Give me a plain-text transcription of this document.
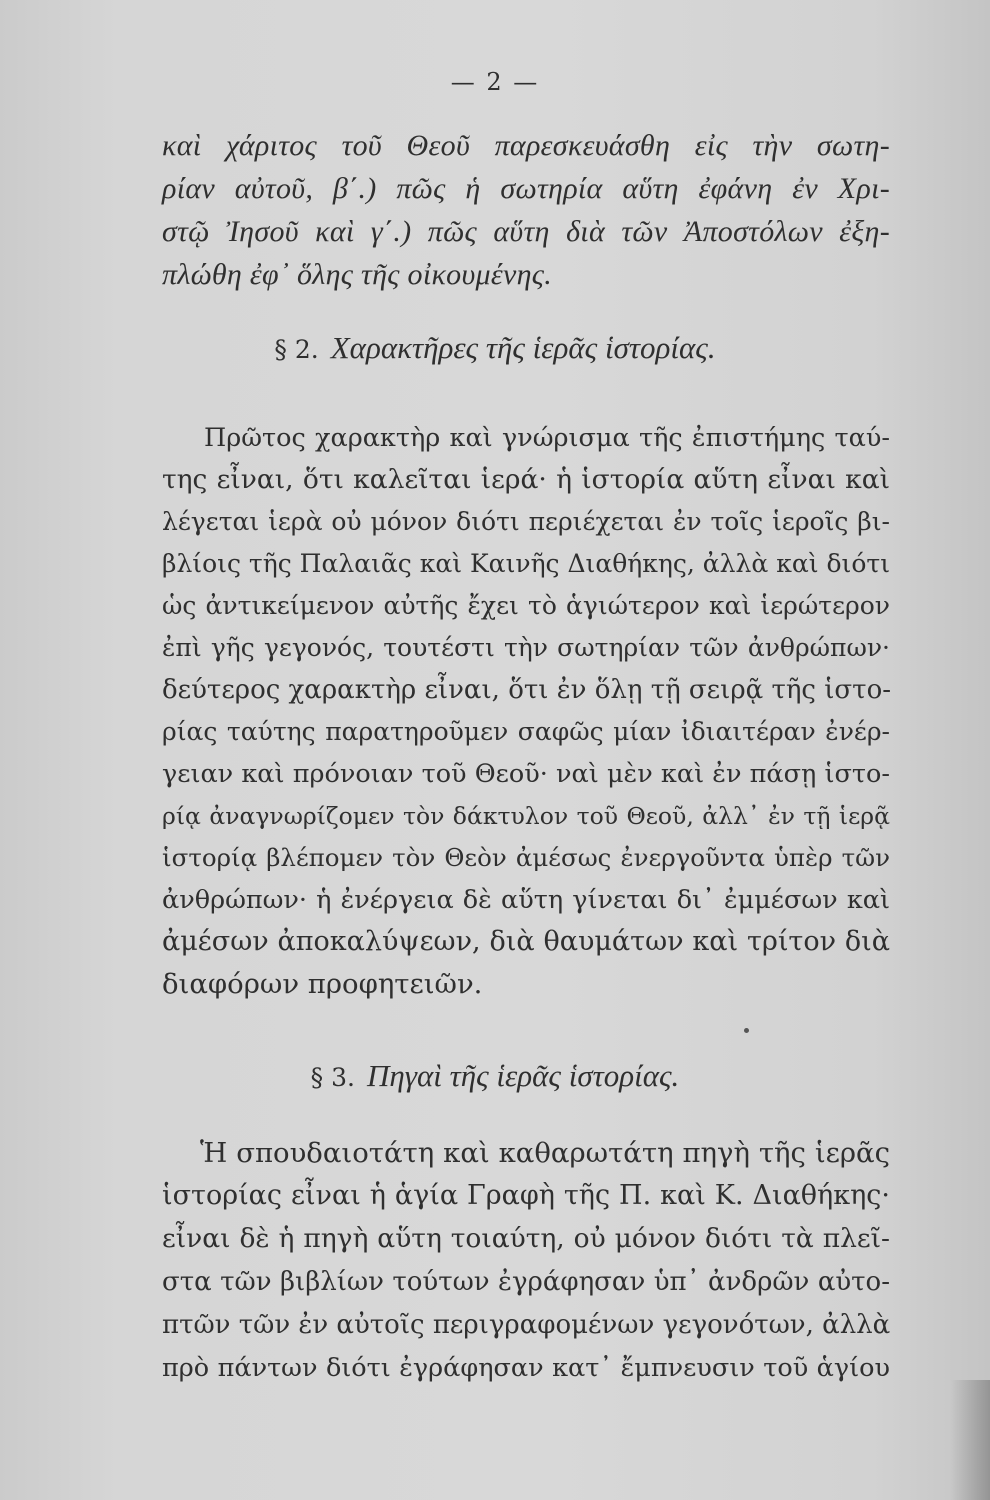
— 2 —
καὶ χάριτος τοῦ Θεοῦ παρεσκευάσθη εἰς τὴν σωτη-
ρίαν αὐτοῦ, β΄.) πῶς ἡ σωτηρία αὕτη ἐφάνη ἐν Χρι-
στῷ Ἰησοῦ καὶ γ΄.) πῶς αὕτη διὰ τῶν Ἀποστόλων ἐξη-
πλώθη ἐφ᾽ ὅλης τῆς οἰκουμένης.
§ 2. Χαρακτῆρες τῆς ἱερᾶς ἱστορίας.
Πρῶτος χαρακτὴρ καὶ γνώρισμα τῆς ἐπιστήμης ταύ-
της εἶναι, ὅτι καλεῖται ἱερά· ἡ ἱστορία αὕτη εἶναι καὶ
λέγεται ἱερὰ οὐ μόνον διότι περιέχεται ἐν τοῖς ἱεροῖς βι-
βλίοις τῆς Παλαιᾶς καὶ Καινῆς Διαθήκης, ἀλλὰ καὶ διότι
ὡς ἀντικείμενον αὐτῆς ἔχει τὸ ἁγιώτερον καὶ ἱερώτερον
ἐπὶ γῆς γεγονός, τουτέστι τὴν σωτηρίαν τῶν ἀνθρώπων·
δεύτερος χαρακτὴρ εἶναι, ὅτι ἐν ὅλῃ τῇ σειρᾷ τῆς ἱστο-
ρίας ταύτης παρατηροῦμεν σαφῶς μίαν ἰδιαιτέραν ἐνέρ-
γειαν καὶ πρόνοιαν τοῦ Θεοῦ· ναὶ μὲν καὶ ἐν πάσῃ ἱστο-
ρίᾳ ἀναγνωρίζομεν τὸν δάκτυλον τοῦ Θεοῦ, ἀλλ᾽ ἐν τῇ ἱερᾷ
ἱστορίᾳ βλέπομεν τὸν Θεὸν ἀμέσως ἐνεργοῦντα ὑπὲρ τῶν
ἀνθρώπων· ἡ ἐνέργεια δὲ αὕτη γίνεται δι᾽ ἐμμέσων καὶ
ἀμέσων ἀποκαλύψεων, διὰ θαυμάτων καὶ τρίτον διὰ
διαφόρων προφητειῶν.
§ 3. Πηγαὶ τῆς ἱερᾶς ἱστορίας.
Ἡ σπουδαιοτάτη καὶ καθαρωτάτη πηγὴ τῆς ἱερᾶς
ἱστορίας εἶναι ἡ ἁγία Γραφὴ τῆς Π. καὶ Κ. Διαθήκης·
εἶναι δὲ ἡ πηγὴ αὕτη τοιαύτη, οὐ μόνον διότι τὰ πλεῖ-
στα τῶν βιβλίων τούτων ἐγράφησαν ὑπ᾽ ἀνδρῶν αὐτο-
πτῶν τῶν ἐν αὐτοῖς περιγραφομένων γεγονότων, ἀλλὰ
πρὸ πάντων διότι ἐγράφησαν κατ᾽ ἔμπνευσιν τοῦ ἁγίου
